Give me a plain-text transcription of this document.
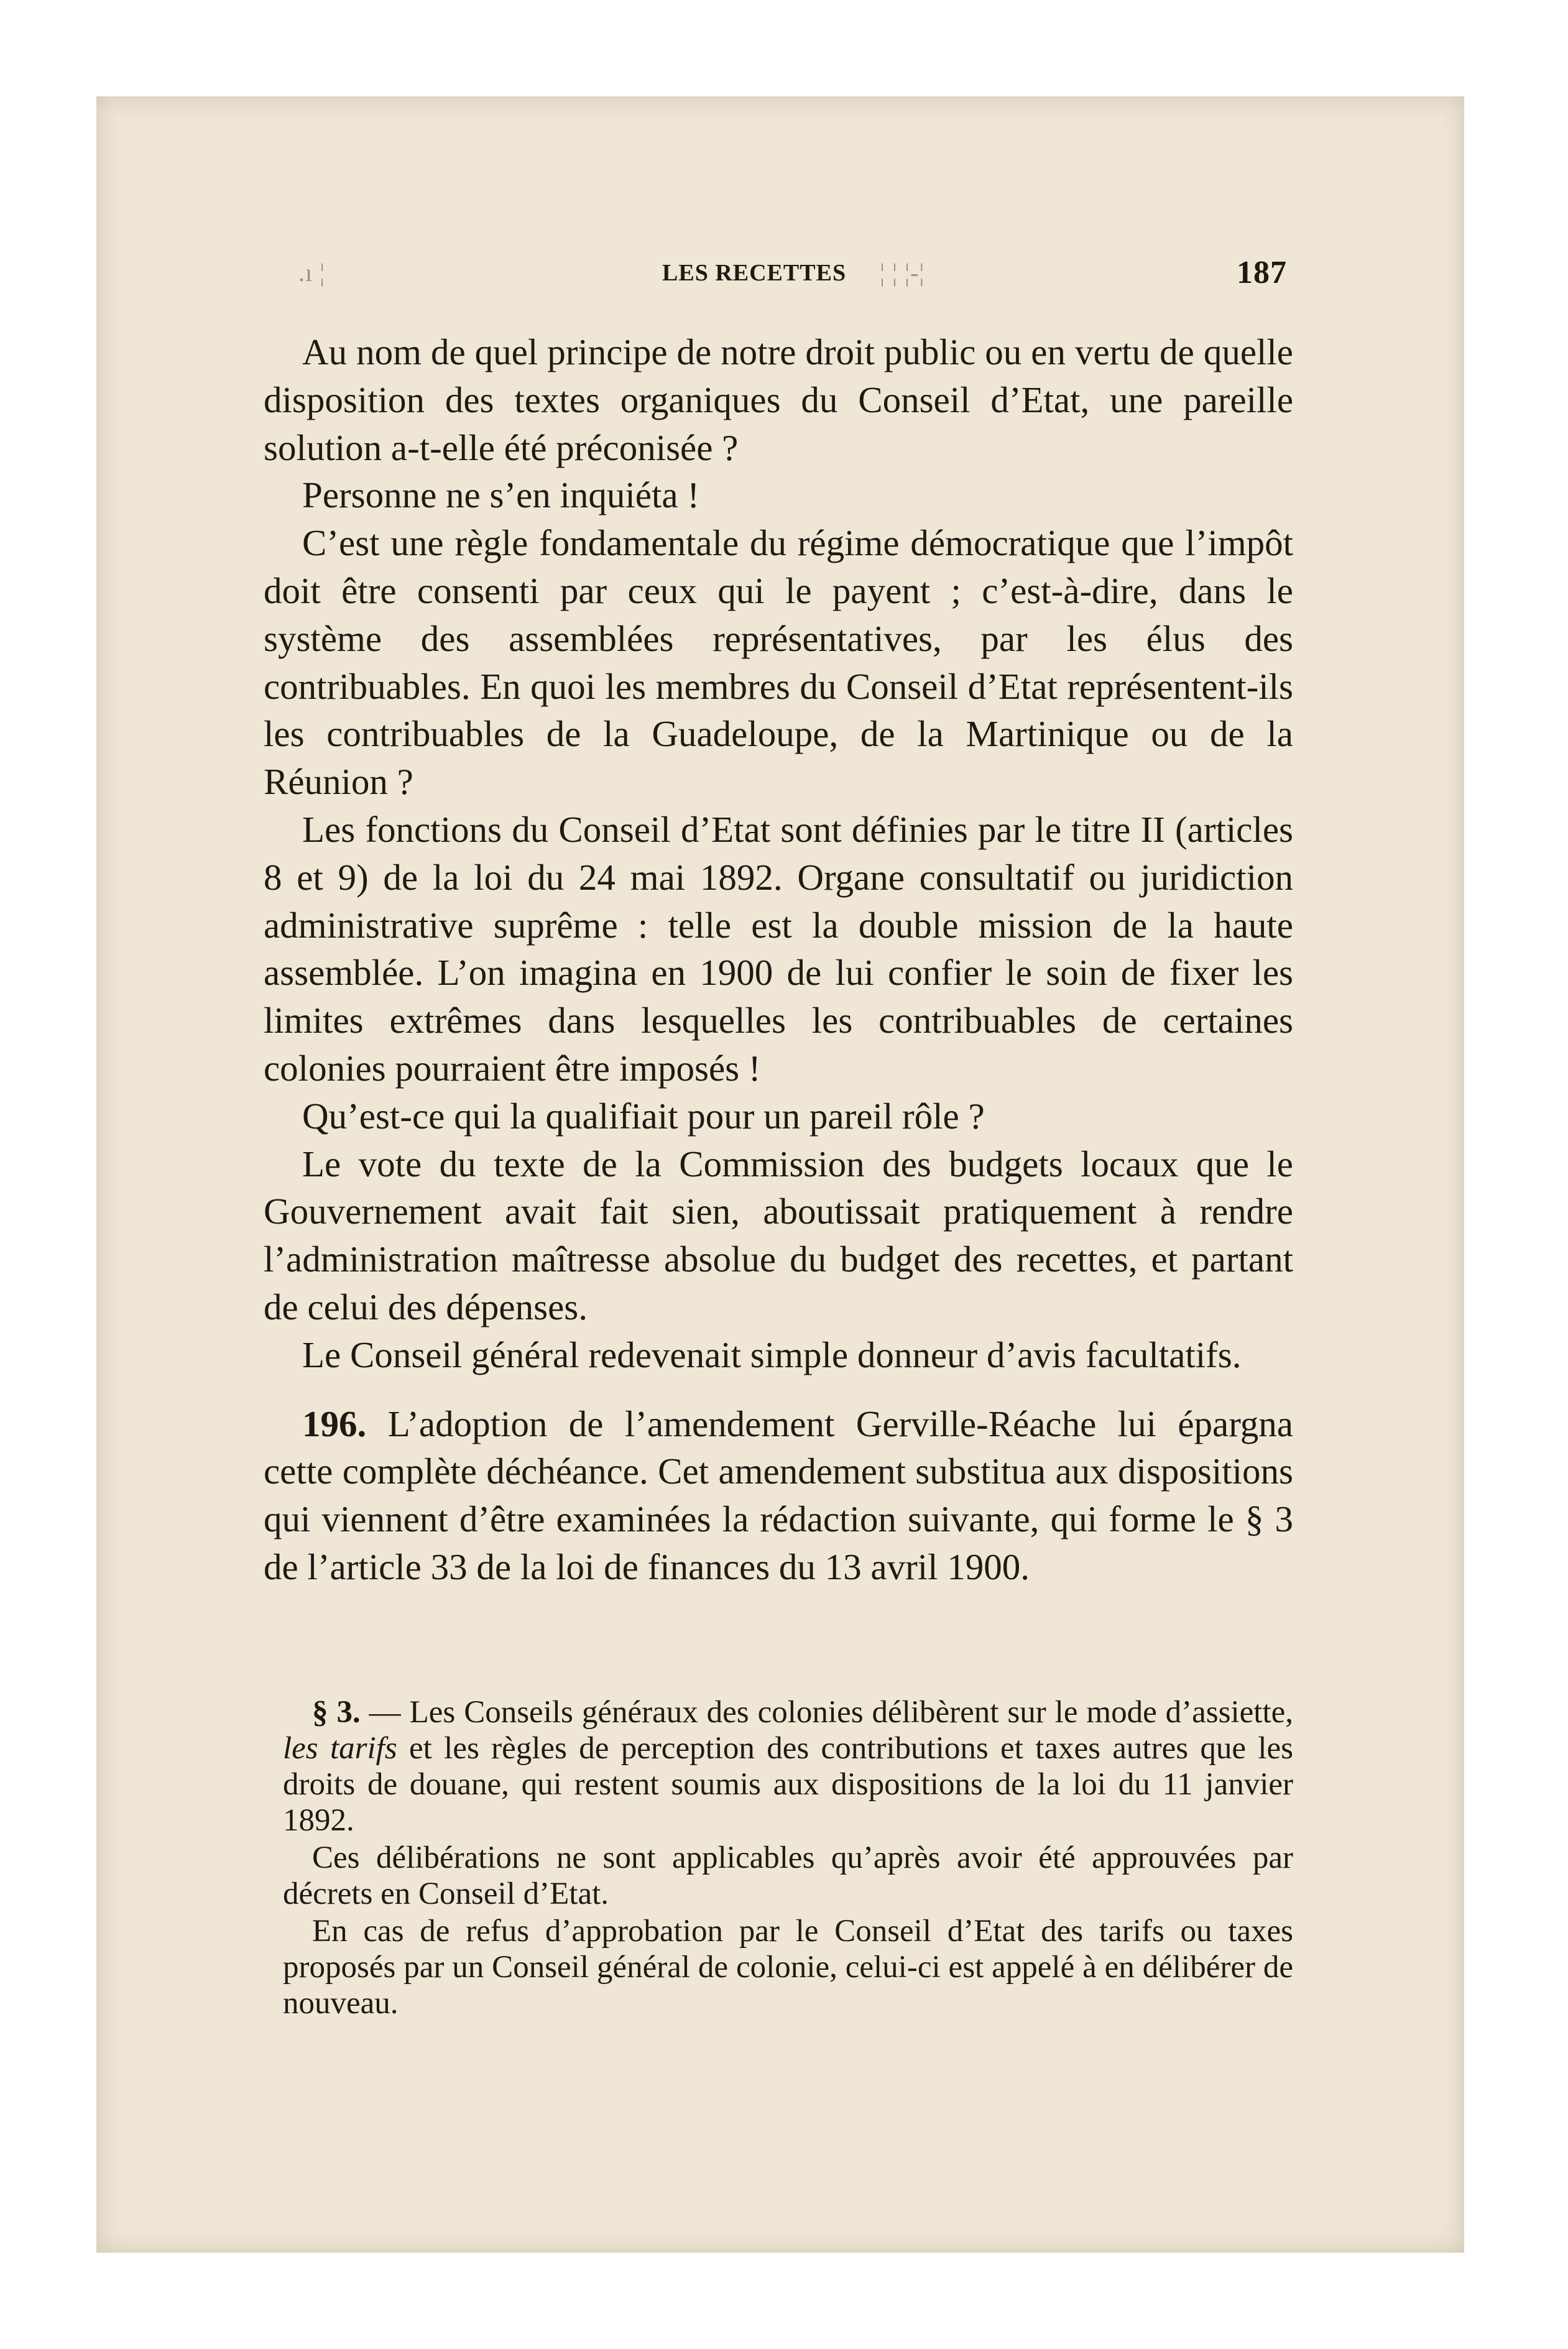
.ı ¦	LES RECETTES ¦ ¦ ¦-¦	187

Au nom de quel principe de notre droit public ou en vertu de quelle disposition des textes organiques du Conseil d’Etat, une pareille solution a-t-elle été préconisée ?

Personne ne s’en inquiéta !

C’est une règle fondamentale du régime démocratique que l’impôt doit être consenti par ceux qui le payent ; c’est-à-dire, dans le système des assemblées représentatives, par les élus des contribuables. En quoi les membres du Conseil d’Etat représentent-ils les contribuables de la Guadeloupe, de la Martinique ou de la Réunion ?

Les fonctions du Conseil d’Etat sont définies par le titre II (articles 8 et 9) de la loi du 24 mai 1892. Organe consultatif ou juridiction administrative suprême : telle est la double mission de la haute assemblée. L’on imagina en 1900 de lui confier le soin de fixer les limites extrêmes dans lesquelles les contribuables de certaines colonies pourraient être imposés !

Qu’est-ce qui la qualifiait pour un pareil rôle ?

Le vote du texte de la Commission des budgets locaux que le Gouvernement avait fait sien, aboutissait pratiquement à rendre l’administration maîtresse absolue du budget des recettes, et partant de celui des dépenses.

Le Conseil général redevenait simple donneur d’avis facultatifs.

196. L’adoption de l’amendement Gerville-Réache lui épargna cette complète déchéance. Cet amendement substitua aux dispositions qui viennent d’être examinées la rédaction suivante, qui forme le § 3 de l’article 33 de la loi de finances du 13 avril 1900.

§ 3. — Les Conseils généraux des colonies délibèrent sur le mode d’assiette, les tarifs et les règles de perception des contributions et taxes autres que les droits de douane, qui restent soumis aux dispositions de la loi du 11 janvier 1892.

Ces délibérations ne sont applicables qu’après avoir été approuvées par décrets en Conseil d’Etat.

En cas de refus d’approbation par le Conseil d’Etat des tarifs ou taxes proposés par un Conseil général de colonie, celui-ci est appelé à en délibérer de nouveau.
